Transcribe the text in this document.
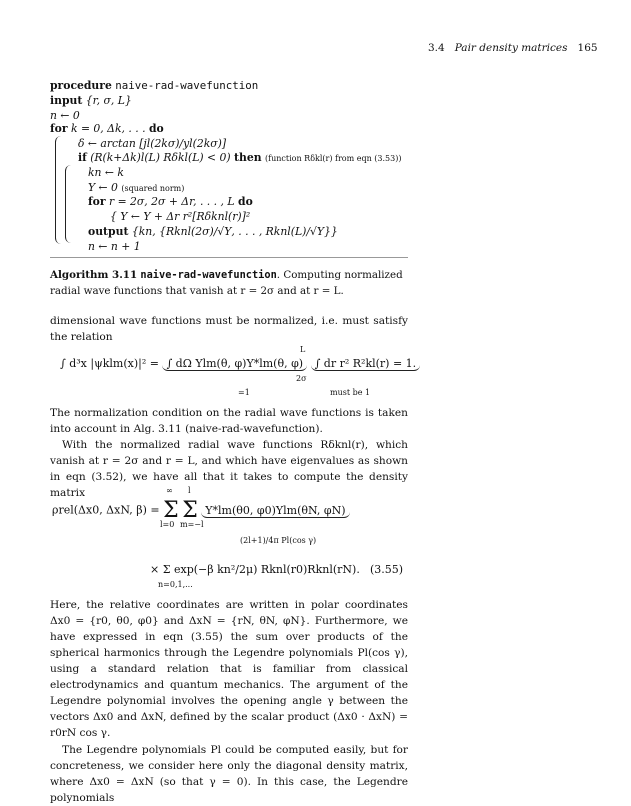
3.4 Pair density matrices 165
procedure naive-rad-wavefunction
input {r, σ, L}
n ← 0
for k = 0, Δk, . . . do
δ ← arctan [jl(2kσ)/yl(2kσ)]
if (R(k+Δk)l(L) Rδkl(L) < 0) then (function Rδkl(r) from eqn (3.53))
kn ← k
Υ ← 0 (squared norm)
for r = 2σ, 2σ + Δr, . . . , L do
{ Υ ← Υ + Δr r²[Rδknl(r)]²
output {kn, {Rknl(2σ)/√Υ, . . . , Rknl(L)/√Υ}}
n ← n + 1
Algorithm 3.11 naive-rad-wavefunction. Computing normalized radial wave functions that vanish at r = 2σ and at r = L.
dimensional wave functions must be normalized, i.e. must satisfy the relation
∫ d³x |ψklm(x)|² = ∫ dΩ Ylm(θ, φ)Y*lm(θ, φ) ∫ dr r² R²kl(r) = 1.
L
=1	must be 1
2σ
The normalization condition on the radial wave functions is taken into account in Alg. 3.11 (naive-rad-wavefunction).
With the normalized radial wave functions Rδknl(r), which vanish at r = 2σ and r = L, and which have eigenvalues as shown in eqn (3.52), we have all that it takes to compute the density matrix
ρrel(Δx0, ΔxN, β) = Σ Σ Y*lm(θ0, φ0)Ylm(θN, φN)
∞
l=0
l
m=−l
(2l+1)/4π Pl(cos γ)
× Σ exp(−β kn²/2μ) Rknl(r0)Rknl(rN).
n=0,1,...
(3.55)
Here, the relative coordinates are written in polar coordinates Δx0 = {r0, θ0, φ0} and ΔxN = {rN, θN, φN}. Furthermore, we have expressed in eqn (3.55) the sum over products of the spherical harmonics through the Legendre polynomials Pl(cos γ), using a standard relation that is familiar from classical electrodynamics and quantum mechanics. The argument of the Legendre polynomial involves the opening angle γ between the vectors Δx0 and ΔxN, defined by the scalar product (Δx0 · ΔxN) = r0rN cos γ.
The Legendre polynomials Pl could be computed easily, but for concreteness, we consider here only the diagonal density matrix, where Δx0 = ΔxN (so that γ = 0). In this case, the Legendre polynomials
